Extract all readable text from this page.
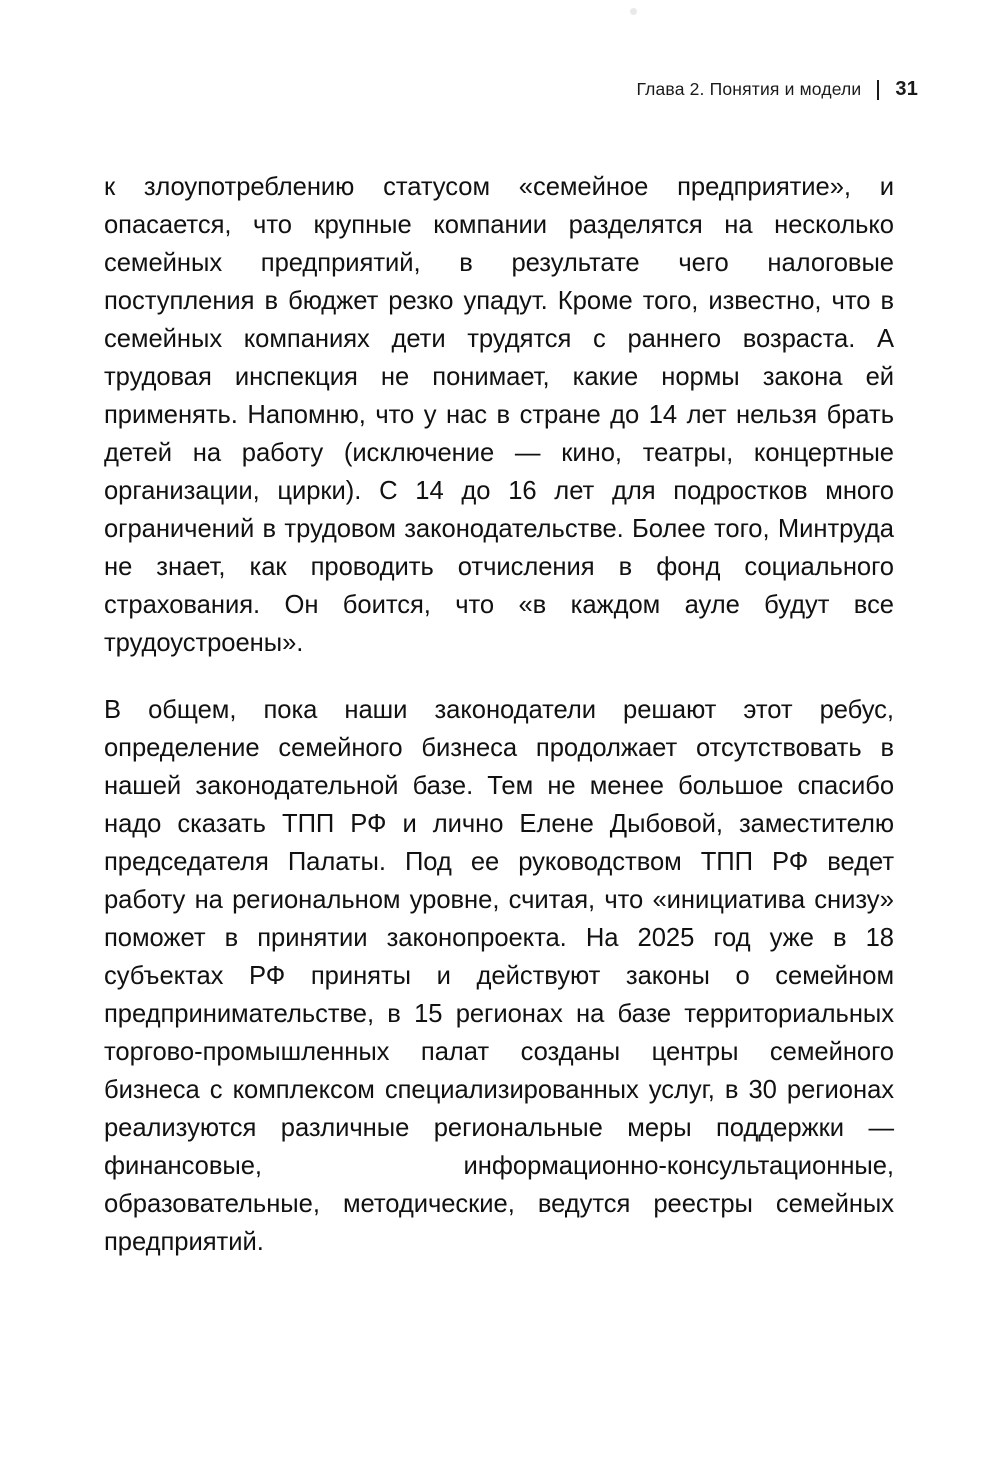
Глава 2. Понятия и модели 31

к злоупотреблению статусом «семейное предприятие», и опасается, что крупные компании разделятся на несколько семейных предприятий, в результате чего налоговые поступления в бюджет резко упадут. Кроме того, известно, что в семейных компаниях дети трудятся с раннего возраста. А трудовая инспекция не понимает, какие нормы закона ей применять. Напомню, что у нас в стране до 14 лет нельзя брать детей на работу (исключение — кино, театры, концертные организации, цирки). С 14 до 16 лет для подростков много ограничений в трудовом законодательстве. Более того, Минтруда не знает, как проводить отчисления в фонд социального страхования. Он боится, что «в каждом ауле будут все трудоустроены».

В общем, пока наши законодатели решают этот ребус, определение семейного бизнеса продолжает отсутствовать в нашей законодательной базе. Тем не менее большое спасибо надо сказать ТПП РФ и лично Елене Дыбовой, заместителю председателя Палаты. Под ее руководством ТПП РФ ведет работу на региональном уровне, считая, что «инициатива снизу» поможет в принятии законопроекта. На 2025 год уже в 18 субъектах РФ приняты и действуют законы о семейном предпринимательстве, в 15 регионах на базе территориальных торгово-промышленных палат созданы центры семейного бизнеса с комплексом специализированных услуг, в 30 регионах реализуются различные региональные меры поддержки — финансовые, информационно-консультационные, образовательные, методические, ведутся реестры семейных предприятий.
